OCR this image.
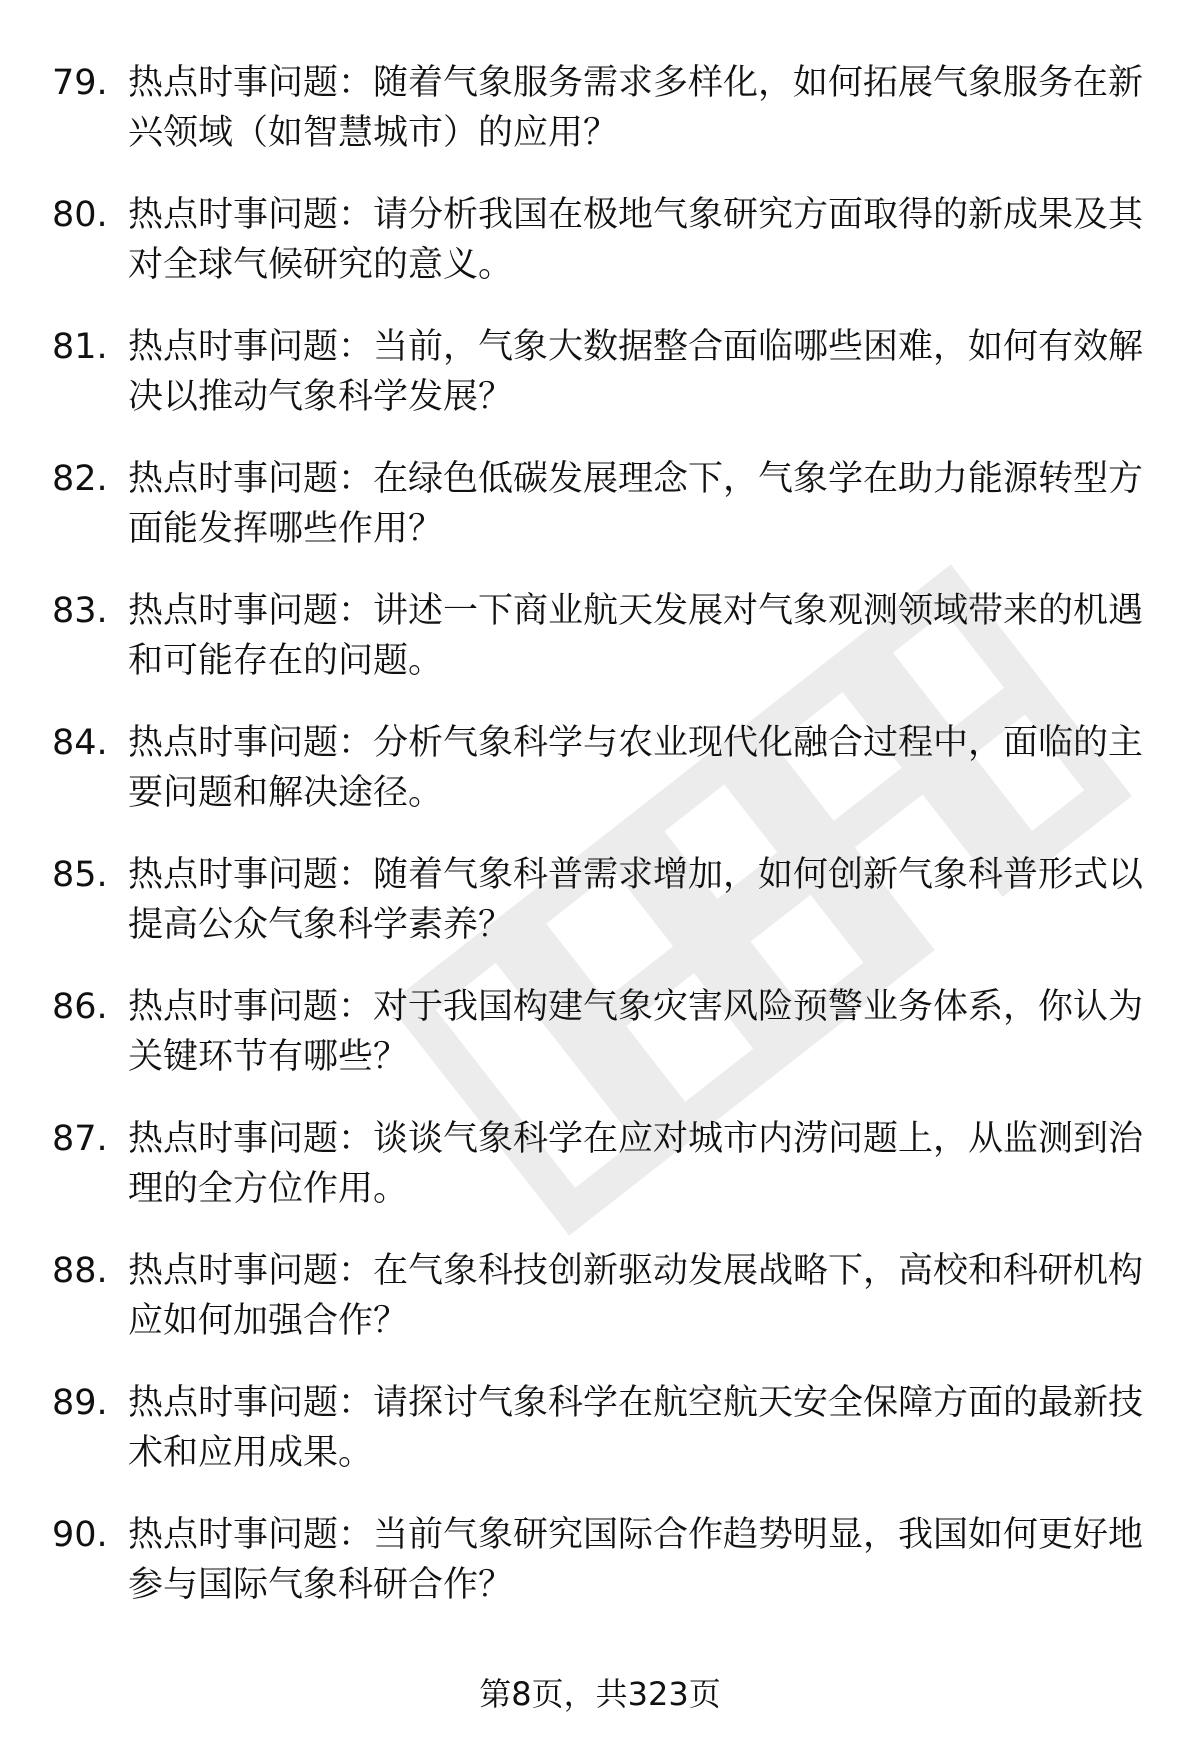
79. 热点时事问题：随着气象服务需求多样化，如何拓展气象服务在新兴领域（如智慧城市）的应用？
80. 热点时事问题：请分析我国在极地气象研究方面取得的新成果及其对全球气候研究的意义。
81. 热点时事问题：当前，气象大数据整合面临哪些困难，如何有效解决以推动气象科学发展？
82. 热点时事问题：在绿色低碳发展理念下，气象学在助力能源转型方面能发挥哪些作用？
83. 热点时事问题：讲述一下商业航天发展对气象观测领域带来的机遇和可能存在的问题。
84. 热点时事问题：分析气象科学与农业现代化融合过程中，面临的主要问题和解决途径。
85. 热点时事问题：随着气象科普需求增加，如何创新气象科普形式以提高公众气象科学素养？
86. 热点时事问题：对于我国构建气象灾害风险预警业务体系，你认为关键环节有哪些？
87. 热点时事问题：谈谈气象科学在应对城市内涝问题上，从监测到治理的全方位作用。
88. 热点时事问题：在气象科技创新驱动发展战略下，高校和科研机构应如何加强合作？
89. 热点时事问题：请探讨气象科学在航空航天安全保障方面的最新技术和应用成果。
90. 热点时事问题：当前气象研究国际合作趋势明显，我国如何更好地参与国际气象科研合作？
第8页，共323页
